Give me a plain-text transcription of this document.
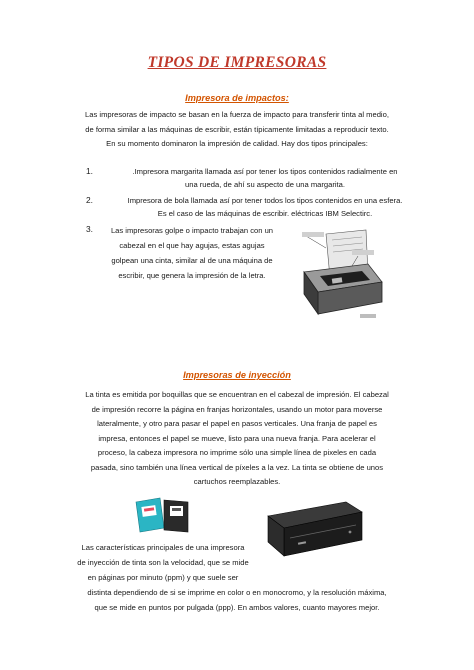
TIPOS DE IMPRESORAS
Impresora de impactos:
Las impresoras de impacto se basan en la fuerza de impacto para transferir tinta al medio,
de forma similar a las máquinas de escribir, están típicamente limitadas a reproducir texto.
En su momento dominaron la impresión de calidad. Hay dos tipos principales:
1.	.Impresora margarita llamada así por tener los tipos contenidos radialmente en
una rueda, de ahí su aspecto de una margarita.
2.	Impresora de bola llamada así por tener todos los tipos contenidos en una esfera.
Es el caso de las máquinas de escribir. eléctricas IBM Selectirc.
3.	Las impresoras golpe o impacto trabajan con un
cabezal en el que hay agujas, estas agujas
golpean una cinta, similar al de una máquina de
escribir, que genera la impresión de la letra.
Impresoras de inyección
La tinta es emitida por boquillas que se encuentran en el cabezal de impresión. El cabezal
de impresión recorre la página en franjas horizontales, usando un motor para moverse
lateralmente, y otro para pasar el papel en pasos verticales. Una franja de papel es
impresa, entonces el papel se mueve, listo para una nueva franja. Para acelerar el
proceso, la cabeza impresora no imprime sólo una simple línea de pixeles en cada
pasada, sino también una línea vertical de píxeles a la vez. La tinta se obtiene de unos
cartuchos reemplazables.
Las características principales de una impresora
de inyección de tinta son la velocidad, que se mide
en páginas por minuto (ppm) y que suele ser
distinta dependiendo de si se imprime en color o en monocromo, y la resolución máxima,
que se mide en puntos por pulgada (ppp). En ambos valores, cuanto mayores mejor.
